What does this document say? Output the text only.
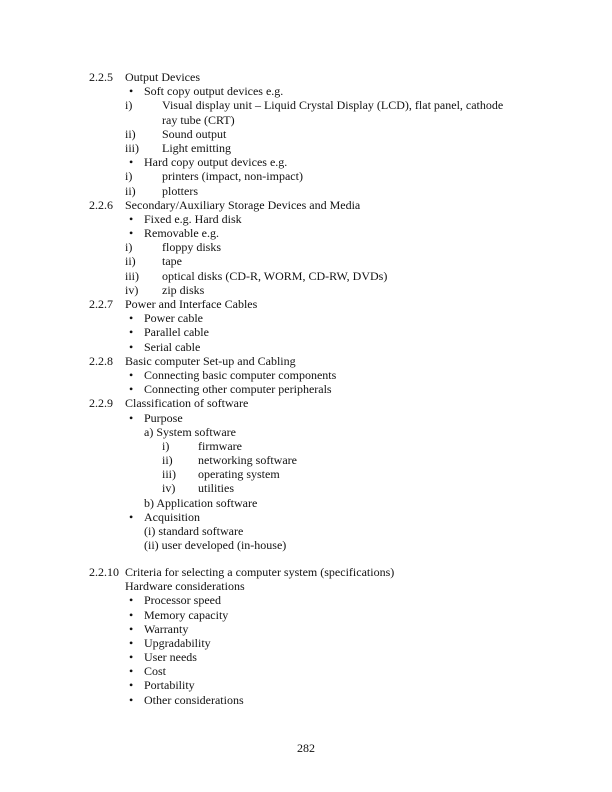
2.2.5 Output Devices
• Soft copy output devices e.g.
i) Visual display unit – Liquid Crystal Display (LCD), flat panel, cathode
ray tube (CRT)
ii) Sound output
iii) Light emitting
• Hard copy output devices e.g.
i) printers (impact, non-impact)
ii) plotters
2.2.6 Secondary/Auxiliary Storage Devices and Media
• Fixed e.g. Hard disk
• Removable e.g.
i) floppy disks
ii) tape
iii) optical disks (CD-R, WORM, CD-RW, DVDs)
iv) zip disks
2.2.7 Power and Interface Cables
• Power cable
• Parallel cable
• Serial cable
2.2.8 Basic computer Set-up and Cabling
• Connecting basic computer components
• Connecting other computer peripherals
2.2.9 Classification of software
• Purpose
a) System software
i) firmware
ii) networking software
iii) operating system
iv) utilities
b) Application software
• Acquisition
(i) standard software
(ii) user developed (in-house)
2.2.10 Criteria for selecting a computer system (specifications)
Hardware considerations
• Processor speed
• Memory capacity
• Warranty
• Upgradability
• User needs
• Cost
• Portability
• Other considerations
282
